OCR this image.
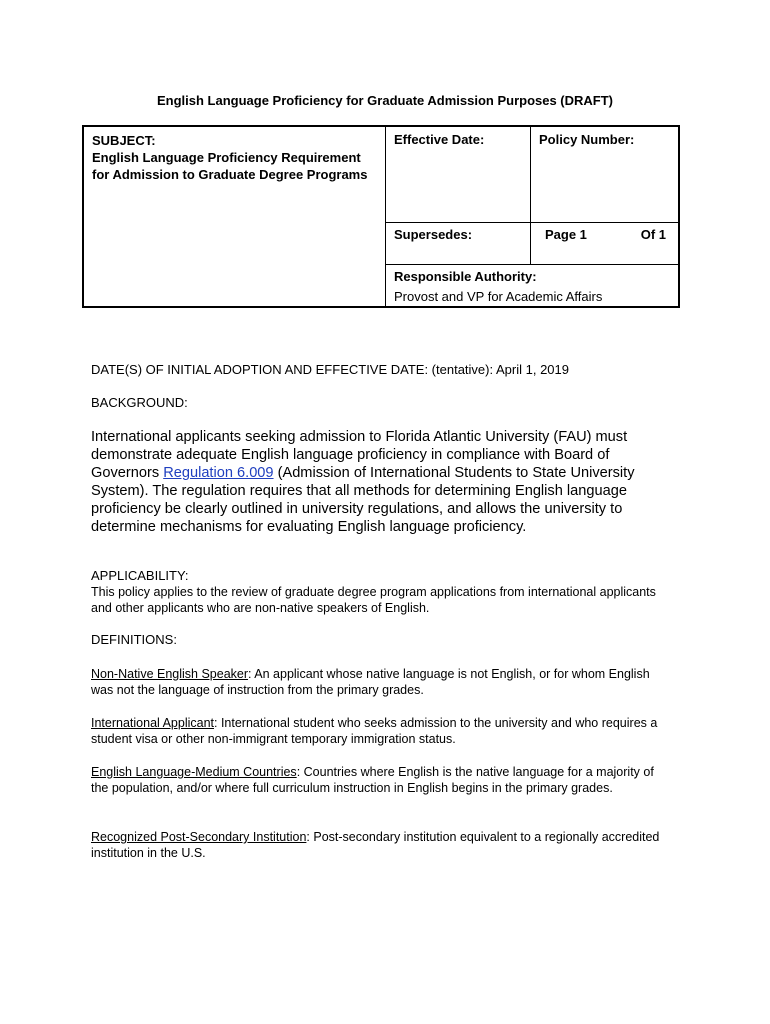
English Language Proficiency for Graduate Admission Purposes (DRAFT)
SUBJECT:
English Language Proficiency Requirement for Admission to Graduate Degree Programs
Effective Date:	Policy Number:
Supersedes:	Page 1	Of 1
Responsible Authority:
Provost and VP for Academic Affairs
DATE(S) OF INITIAL ADOPTION AND EFFECTIVE DATE: (tentative): April 1, 2019
BACKGROUND:
International applicants seeking admission to Florida Atlantic University (FAU) must demonstrate adequate English language proficiency in compliance with Board of Governors Regulation 6.009 (Admission of International Students to State University System). The regulation requires that all methods for determining English language proficiency be clearly outlined in university regulations, and allows the university to determine mechanisms for evaluating English language proficiency.
APPLICABILITY:
This policy applies to the review of graduate degree program applications from international applicants and other applicants who are non-native speakers of English.
DEFINITIONS:
Non-Native English Speaker: An applicant whose native language is not English, or for whom English was not the language of instruction from the primary grades.
International Applicant: International student who seeks admission to the university and who requires a student visa or other non-immigrant temporary immigration status.
English Language-Medium Countries: Countries where English is the native language for a majority of the population, and/or where full curriculum instruction in English begins in the primary grades.
Recognized Post-Secondary Institution: Post-secondary institution equivalent to a regionally accredited institution in the U.S.
